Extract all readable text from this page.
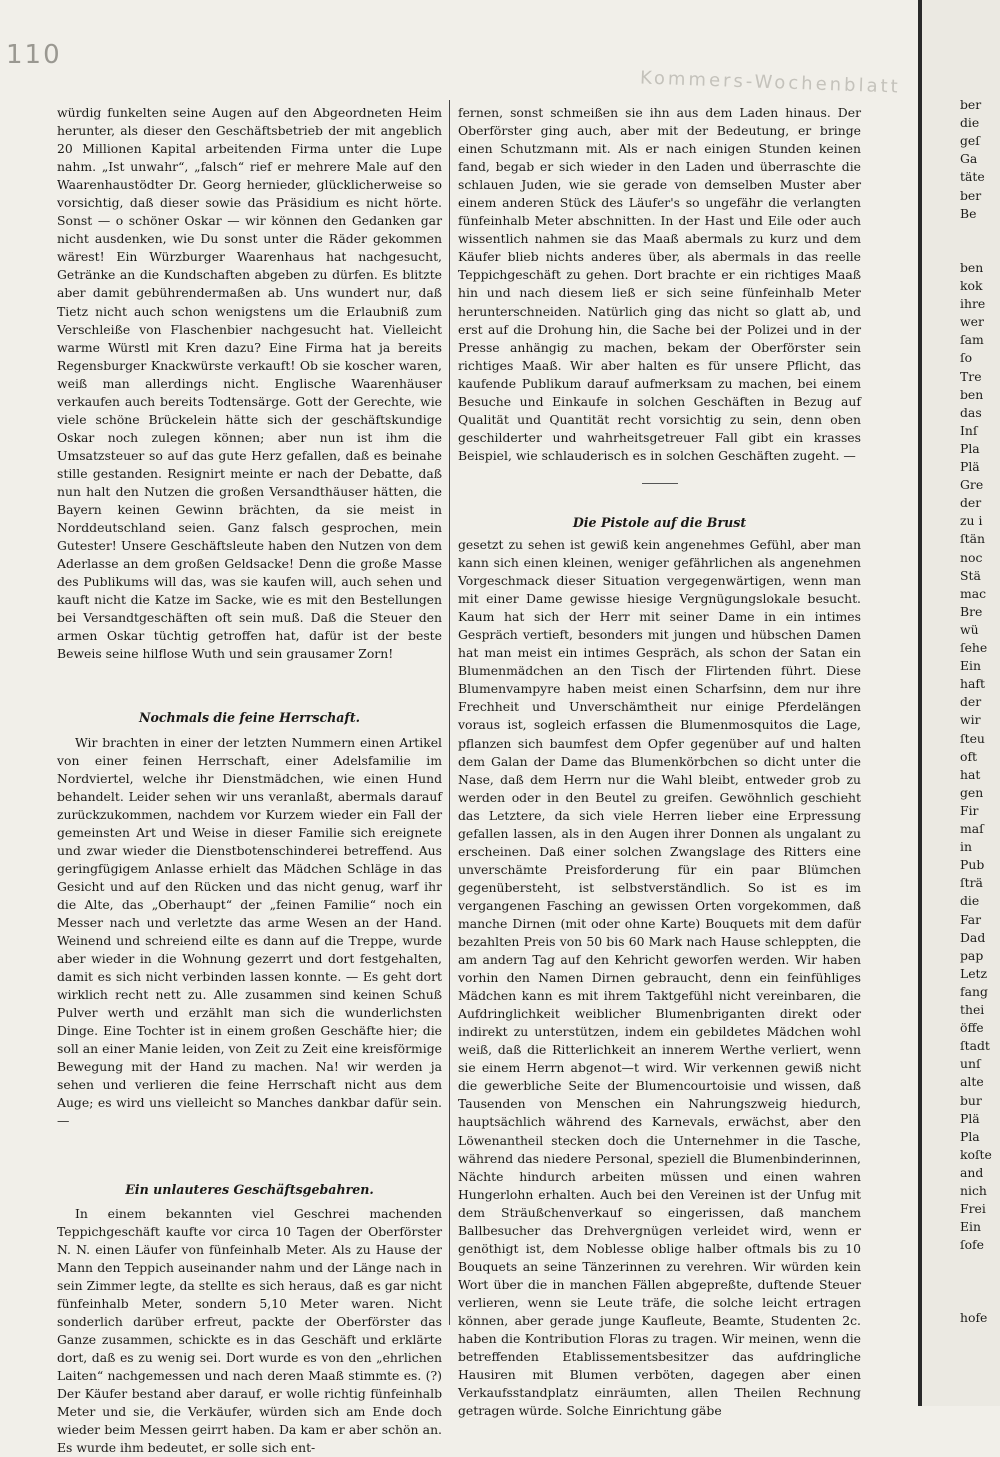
110
Kommers-Wochenblatt

würdig funkelten seine Augen auf den Abgeordneten Heim herunter, als dieser den Geschäftsbetrieb der mit angeblich 20 Millionen Kapital arbeitenden Firma unter die Lupe nahm. „Ist unwahr“, „falsch“ rief er mehrere Male auf den Waarenhaustödter Dr. Georg hernieder, glücklicherweise so vorsichtig, daß dieser sowie das Präsidium es nicht hörte. Sonst — o schöner Oskar — wir können den Gedanken gar nicht ausdenken, wie Du sonst unter die Räder gekommen wärest! Ein Würzburger Waarenhaus hat nachgesucht, Getränke an die Kundschaften abgeben zu dürfen. Es blitzte aber damit gebührendermaßen ab. Uns wundert nur, daß Tietz nicht auch schon wenigstens um die Erlaubniß zum Verschleiße von Flaschenbier nachgesucht hat. Vielleicht warme Würstl mit Kren dazu? Eine Firma hat ja bereits Regensburger Knackwürste verkauft! Ob sie koscher waren, weiß man allerdings nicht. Englische Waarenhäuser verkaufen auch bereits Todtensärge. Gott der Gerechte, wie viele schöne Brückelein hätte sich der geschäftskundige Oskar noch zulegen können; aber nun ist ihm die Umsatzsteuer so auf das gute Herz gefallen, daß es beinahe stille gestanden. Resignirt meinte er nach der Debatte, daß nun halt den Nutzen die großen Versandthäuser hätten, die Bayern keinen Gewinn brächten, da sie meist in Norddeutschland seien. Ganz falsch gesprochen, mein Gutester! Unsere Geschäftsleute haben den Nutzen von dem Aderlasse an dem großen Geldsacke! Denn die große Masse des Publikums will das, was sie kaufen will, auch sehen und kauft nicht die Katze im Sacke, wie es mit den Bestellungen bei Versandtgeschäften oft sein muß. Daß die Steuer den armen Oskar tüchtig getroffen hat, dafür ist der beste Beweis seine hilflose Wuth und sein grausamer Zorn!

Nochmals die feine Herrschaft.

Wir brachten in einer der letzten Nummern einen Artikel von einer feinen Herrschaft, einer Adelsfamilie im Nordviertel, welche ihr Dienstmädchen, wie einen Hund behandelt. Leider sehen wir uns veranlaßt, abermals darauf zurückzukommen, nachdem vor Kurzem wieder ein Fall der gemeinsten Art und Weise in dieser Familie sich ereignete und zwar wieder die Dienstbotenschinderei betreffend. Aus geringfügigem Anlasse erhielt das Mädchen Schläge in das Gesicht und auf den Rücken und das nicht genug, warf ihr die Alte, das „Oberhaupt“ der „feinen Familie“ noch ein Messer nach und verletzte das arme Wesen an der Hand. Weinend und schreiend eilte es dann auf die Treppe, wurde aber wieder in die Wohnung gezerrt und dort festgehalten, damit es sich nicht verbinden lassen konnte. — Es geht dort wirklich recht nett zu. Alle zusammen sind keinen Schuß Pulver werth und erzählt man sich die wunderlichsten Dinge. Eine Tochter ist in einem großen Geschäfte hier; die soll an einer Manie leiden, von Zeit zu Zeit eine kreisförmige Bewegung mit der Hand zu machen. Na! wir werden ja sehen und verlieren die feine Herrschaft nicht aus dem Auge; es wird uns vielleicht so Manches dankbar dafür sein. —

Ein unlauteres Geschäftsgebahren.

In einem bekannten viel Geschrei machenden Teppichgeschäft kaufte vor circa 10 Tagen der Oberförster N. N. einen Läufer von fünfeinhalb Meter. Als zu Hause der Mann den Teppich auseinander nahm und der Länge nach in sein Zimmer legte, da stellte es sich heraus, daß es gar nicht fünfeinhalb Meter, sondern 5,10 Meter waren. Nicht sonderlich darüber erfreut, packte der Oberförster das Ganze zusammen, schickte es in das Geschäft und erklärte dort, daß es zu wenig sei. Dort wurde es von den „ehrlichen Laiten“ nachgemessen und nach deren Maaß stimmte es. (?) Der Käufer bestand aber darauf, er wolle richtig fünfeinhalb Meter und sie, die Verkäufer, würden sich am Ende doch wieder beim Messen geirrt haben. Da kam er aber schön an. Es wurde ihm bedeutet, er solle sich ent-

fernen, sonst schmeißen sie ihn aus dem Laden hinaus. Der Oberförster ging auch, aber mit der Bedeutung, er bringe einen Schutzmann mit. Als er nach einigen Stunden keinen fand, begab er sich wieder in den Laden und überraschte die schlauen Juden, wie sie gerade von demselben Muster aber einem anderen Stück des Läufer's so ungefähr die verlangten fünfeinhalb Meter abschnitten. In der Hast und Eile oder auch wissentlich nahmen sie das Maaß abermals zu kurz und dem Käufer blieb nichts anderes über, als abermals in das reelle Teppichgeschäft zu gehen. Dort brachte er ein richtiges Maaß hin und nach diesem ließ er sich seine fünfeinhalb Meter herunterschneiden. Natürlich ging das nicht so glatt ab, und erst auf die Drohung hin, die Sache bei der Polizei und in der Presse anhängig zu machen, bekam der Oberförster sein richtiges Maaß. Wir aber halten es für unsere Pflicht, das kaufende Publikum darauf aufmerksam zu machen, bei einem Besuche und Einkaufe in solchen Geschäften in Bezug auf Qualität und Quantität recht vorsichtig zu sein, denn oben geschilderter und wahrheitsgetreuer Fall gibt ein krasses Beispiel, wie schlauderisch es in solchen Geschäften zugeht. —

Die Pistole auf die Brust

gesetzt zu sehen ist gewiß kein angenehmes Gefühl, aber man kann sich einen kleinen, weniger gefährlichen als angenehmen Vorgeschmack dieser Situation vergegenwärtigen, wenn man mit einer Dame gewisse hiesige Vergnügungslokale besucht. Kaum hat sich der Herr mit seiner Dame in ein intimes Gespräch vertieft, besonders mit jungen und hübschen Damen hat man meist ein intimes Gespräch, als schon der Satan ein Blumenmädchen an den Tisch der Flirtenden führt. Diese Blumenvampyre haben meist einen Scharfsinn, dem nur ihre Frechheit und Unverschämtheit nur einige Pferdelängen voraus ist, sogleich erfassen die Blumenmosquitos die Lage, pflanzen sich baumfest dem Opfer gegenüber auf und halten dem Galan der Dame das Blumenkörbchen so dicht unter die Nase, daß dem Herrn nur die Wahl bleibt, entweder grob zu werden oder in den Beutel zu greifen. Gewöhnlich geschieht das Letztere, da sich viele Herren lieber eine Erpressung gefallen lassen, als in den Augen ihrer Donnen als ungalant zu erscheinen. Daß einer solchen Zwangslage des Ritters eine unverschämte Preisforderung für ein paar Blümchen gegenübersteht, ist selbstverständlich. So ist es im vergangenen Fasching an gewissen Orten vorgekommen, daß manche Dirnen (mit oder ohne Karte) Bouquets mit dem dafür bezahlten Preis von 50 bis 60 Mark nach Hause schleppten, die am andern Tag auf den Kehricht geworfen werden. Wir haben vorhin den Namen Dirnen gebraucht, denn ein feinfühliges Mädchen kann es mit ihrem Taktgefühl nicht vereinbaren, die Aufdringlichkeit weiblicher Blumenbriganten direkt oder indirekt zu unterstützen, indem ein gebildetes Mädchen wohl weiß, daß die Ritterlichkeit an innerem Werthe verliert, wenn sie einem Herrn abgenot—t wird. Wir verkennen gewiß nicht die gewerbliche Seite der Blumencourtoisie und wissen, daß Tausenden von Menschen ein Nahrungszweig hiedurch, hauptsächlich während des Karnevals, erwächst, aber den Löwenantheil stecken doch die Unternehmer in die Tasche, während das niedere Personal, speziell die Blumenbinderinnen, Nächte hindurch arbeiten müssen und einen wahren Hungerlohn erhalten. Auch bei den Vereinen ist der Unfug mit dem Sträußchenverkauf so eingerissen, daß manchem Ballbesucher das Drehvergnügen verleidet wird, wenn er genöthigt ist, dem Noblesse oblige halber oftmals bis zu 10 Bouquets an seine Tänzerinnen zu verehren. Wir würden kein Wort über die in manchen Fällen abgepreßte, duftende Steuer verlieren, wenn sie Leute träfe, die solche leicht ertragen können, aber gerade junge Kaufleute, Beamte, Studenten 2c. haben die Kontribution Floras zu tragen. Wir meinen, wenn die betreffenden Etablissementsbesitzer das aufdringliche Hausiren mit Blumen verböten, dagegen aber einen Verkaufsstandplatz einräumten, allen Theilen Rechnung getragen würde. Solche Einrichtung gäbe

ber
die
geſ
Ga
täte
ber
Be
ben
kok
ihre
wer
ſam
ſo
Tre
ben
das
Inſ
Pla
Plä
Gre
der
zu i
ſtän
noc
Stä
mac
Bre
wü
ſehe
Ein
haft
der
wir
ſteu
oft
hat
gen
Fir
maſ
in
Pub
ſträ
die
Far
Dad
pap
Letz
fang
thei
öffe
ſtadt
unſ
alte
bur
Plä
Pla
koſte
and
nich
Frei
Ein
ſofe
hofe
